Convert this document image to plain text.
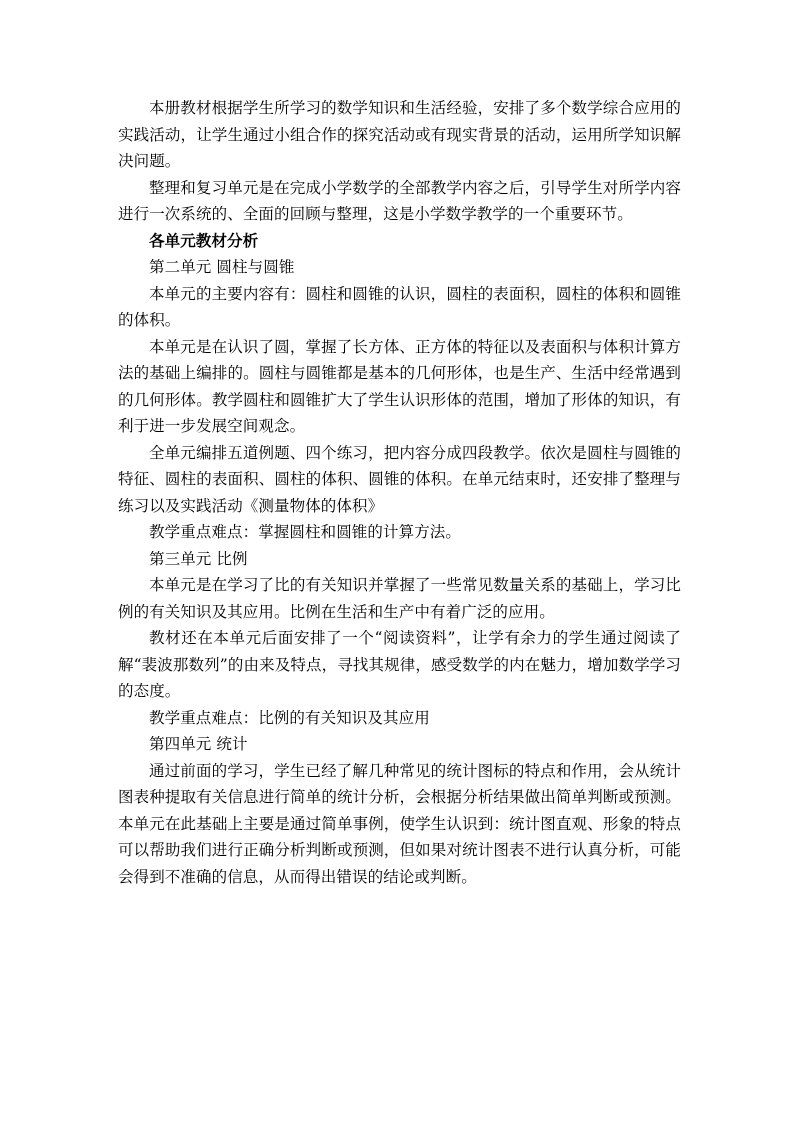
本册教材根据学生所学习的数学知识和生活经验，安排了多个数学综合应用的实践活动，让学生通过小组合作的探究活动或有现实背景的活动，运用所学知识解决问题。

整理和复习单元是在完成小学数学的全部教学内容之后，引导学生对所学内容进行一次系统的、全面的回顾与整理，这是小学数学教学的一个重要环节。

各单元教材分析

第二单元 圆柱与圆锥

本单元的主要内容有：圆柱和圆锥的认识，圆柱的表面积，圆柱的体积和圆锥的体积。

本单元是在认识了圆，掌握了长方体、正方体的特征以及表面积与体积计算方法的基础上编排的。圆柱与圆锥都是基本的几何形体，也是生产、生活中经常遇到的几何形体。教学圆柱和圆锥扩大了学生认识形体的范围，增加了形体的知识，有利于进一步发展空间观念。

全单元编排五道例题、四个练习，把内容分成四段教学。依次是圆柱与圆锥的特征、圆柱的表面积、圆柱的体积、圆锥的体积。在单元结束时，还安排了整理与练习以及实践活动《测量物体的体积》

教学重点难点：掌握圆柱和圆锥的计算方法。

第三单元 比例

本单元是在学习了比的有关知识并掌握了一些常见数量关系的基础上，学习比例的有关知识及其应用。比例在生活和生产中有着广泛的应用。

教材还在本单元后面安排了一个“阅读资料”，让学有余力的学生通过阅读了解“裴波那数列”的由来及特点，寻找其规律，感受数学的内在魅力，增加数学学习的态度。

教学重点难点：比例的有关知识及其应用

第四单元 统计

通过前面的学习，学生已经了解几种常见的统计图标的特点和作用，会从统计图表种提取有关信息进行简单的统计分析，会根据分析结果做出简单判断或预测。本单元在此基础上主要是通过简单事例，使学生认识到：统计图直观、形象的特点可以帮助我们进行正确分析判断或预测，但如果对统计图表不进行认真分析，可能会得到不准确的信息，从而得出错误的结论或判断。
